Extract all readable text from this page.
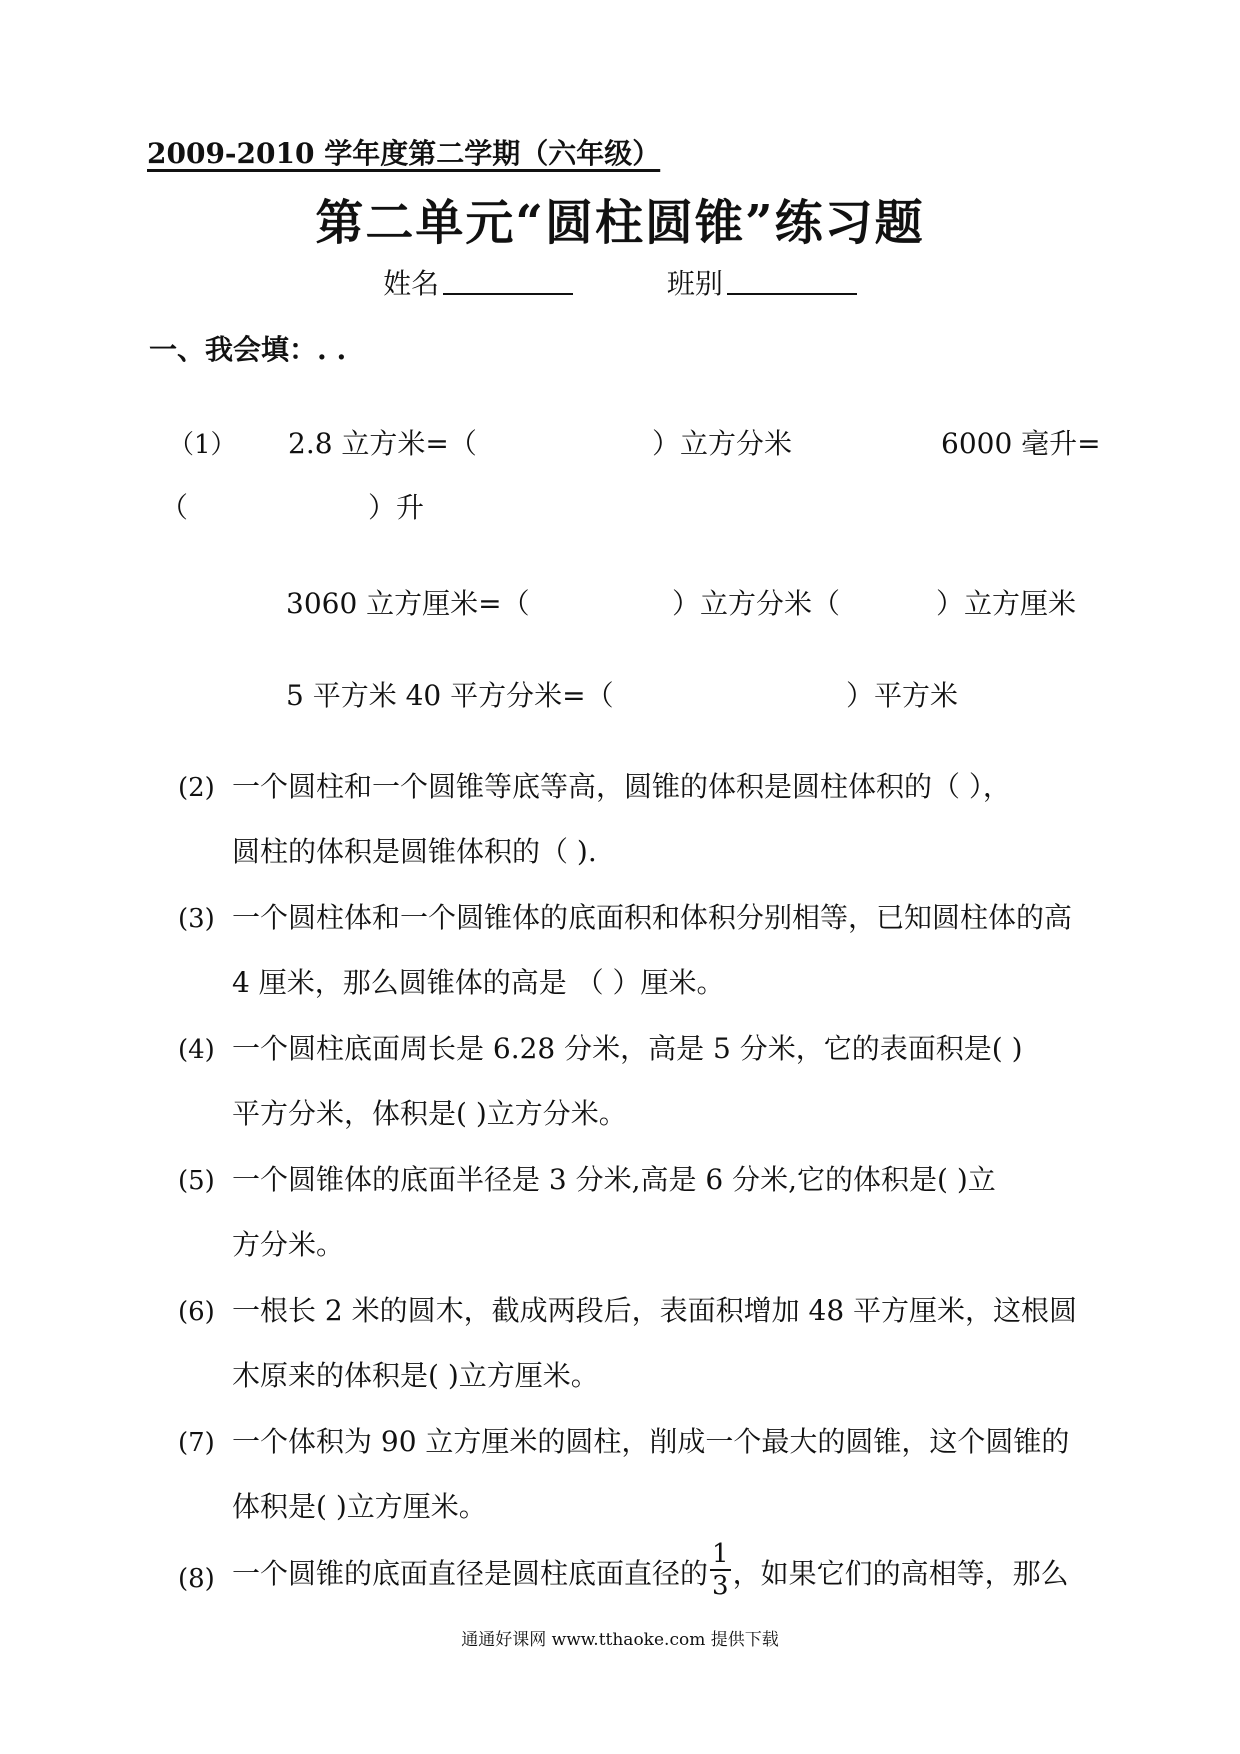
2009-2010 学年度第二学期（六年级）
第二单元“圆柱圆锥”练习题
姓名	班别
一、我会填：. .
（1） 2.8 立方米=（	）立方分米	6000 毫升=
（	）升
3060 立方厘米=（	）立方分米（	）立方厘米
5 平方米 40 平方分米=（	）平方米
(2) 一个圆柱和一个圆锥等底等高，圆锥的体积是圆柱体积的（ ），
圆柱的体积是圆锥体积的（ ).
(3) 一个圆柱体和一个圆锥体的底面积和体积分别相等，已知圆柱体的高
4 厘米，那么圆锥体的高是 （ ）厘米。
(4) 一个圆柱底面周长是 6.28 分米，高是 5 分米，它的表面积是( )
平方分米，体积是( )立方分米。
(5) 一个圆锥体的底面半径是 3 分米,高是 6 分米,它的体积是( )立
方分米。
(6) 一根长 2 米的圆木，截成两段后，表面积增加 48 平方厘米，这根圆
木原来的体积是( )立方厘米。
(7) 一个体积为 90 立方厘米的圆柱，削成一个最大的圆锥，这个圆锥的
体积是( )立方厘米。
(8) 一个圆锥的底面直径是圆柱底面直径的 $\frac{1}{3}$ ，如果它们的高相等，那么
通通好课网 www.tthaoke.com 提供下载
